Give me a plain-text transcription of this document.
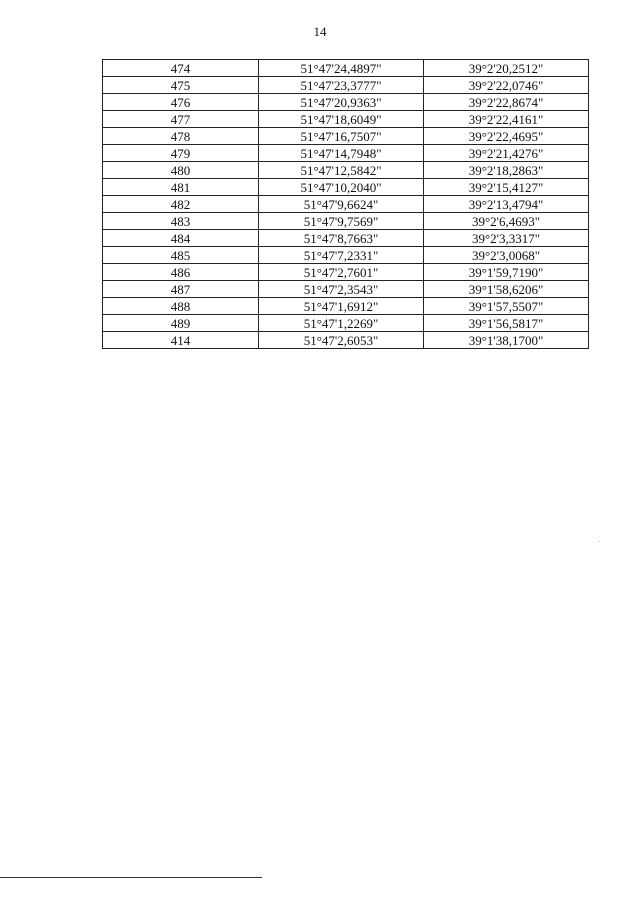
14
474	51°47'24,4897"	39°2'20,2512"
475	51°47'23,3777"	39°2'22,0746"
476	51°47'20,9363"	39°2'22,8674"
477	51°47'18,6049"	39°2'22,4161"
478	51°47'16,7507"	39°2'22,4695"
479	51°47'14,7948"	39°2'21,4276"
480	51°47'12,5842"	39°2'18,2863"
481	51°47'10,2040"	39°2'15,4127"
482	51°47'9,6624"	39°2'13,4794"
483	51°47'9,7569"	39°2'6,4693"
484	51°47'8,7663"	39°2'3,3317"
485	51°47'7,2331"	39°2'3,0068"
486	51°47'2,7601"	39°1'59,7190"
487	51°47'2,3543"	39°1'58,6206"
488	51°47'1,6912"	39°1'57,5507"
489	51°47'1,2269"	39°1'56,5817"
414	51°47'2,6053"	39°1'38,1700"
